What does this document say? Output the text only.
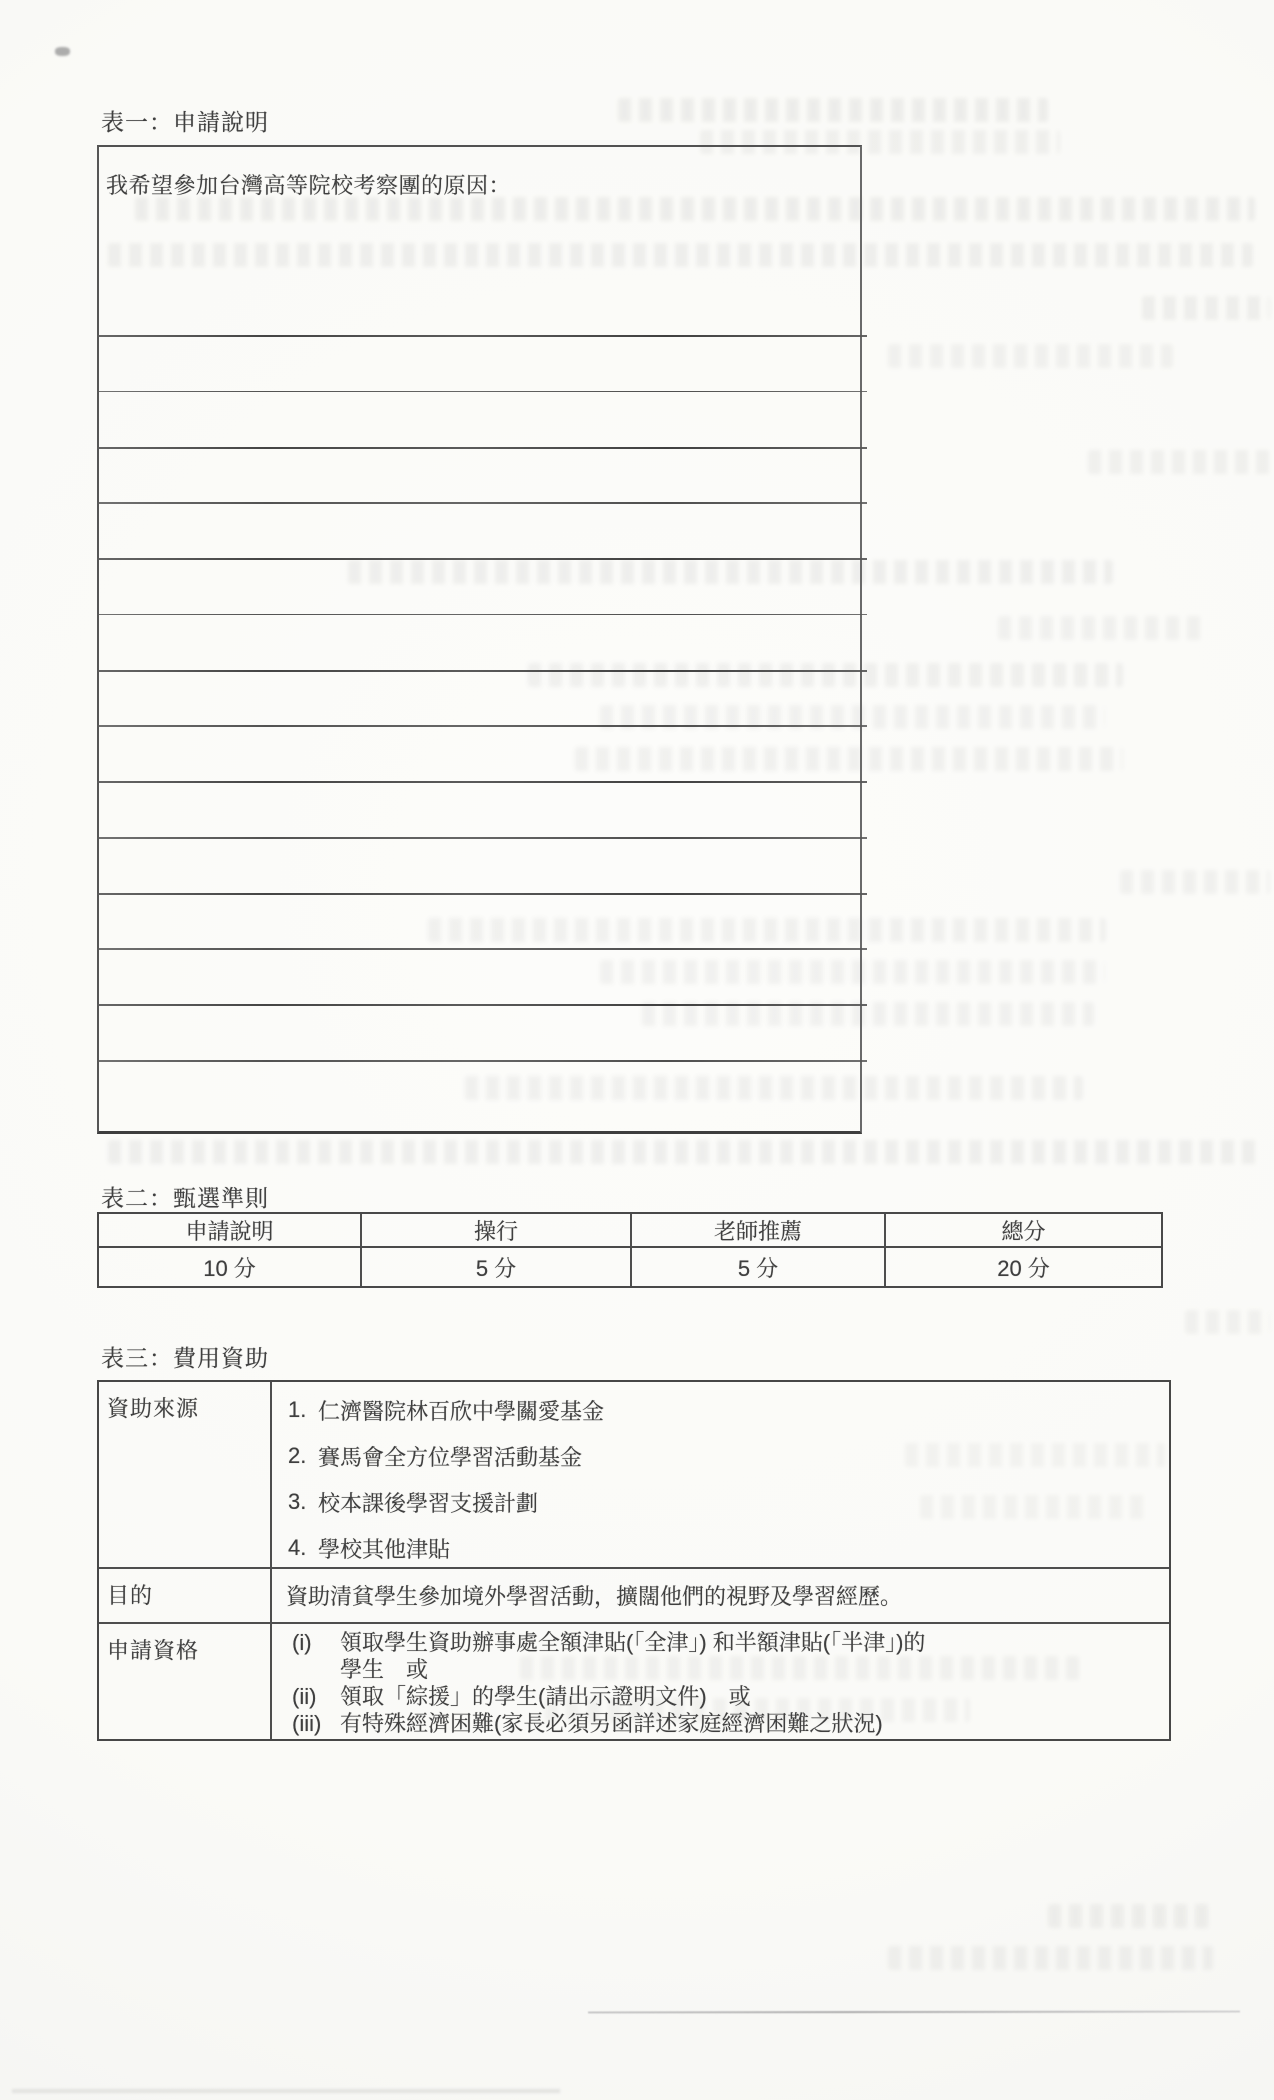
表一：申請說明
我希望參加台灣高等院校考察團的原因：
表二：甄選準則
申請說明	操行	老師推薦	總分
10 分	5 分	5 分	20 分
表三：費用資助
資助來源	1. 仁濟醫院林百欣中學關愛基金
2. 賽馬會全方位學習活動基金
3. 校本課後學習支援計劃
4. 學校其他津貼
目的	資助清貧學生參加境外學習活動，擴闊他們的視野及學習經歷。
申請資格	(i) 領取學生資助辦事處全額津貼(「全津」) 和半額津貼(「半津」)的
學生　或
(ii) 領取「綜援」的學生(請出示證明文件)　或
(iii) 有特殊經濟困難(家長必須另函詳述家庭經濟困難之狀況)
